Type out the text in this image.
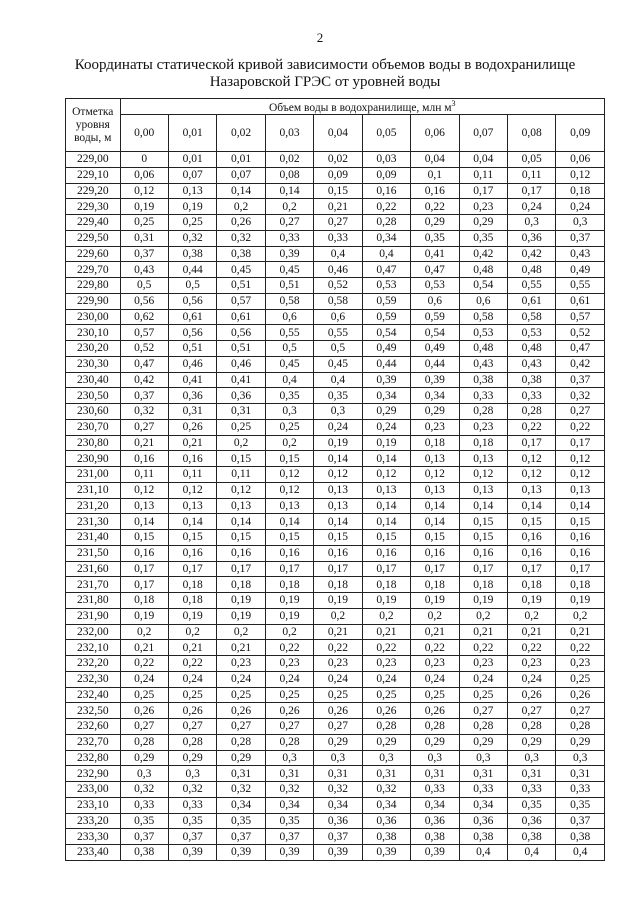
2
Координаты статической кривой зависимости объемов воды в водохранилище
Назаровской ГРЭС от уровней воды
Отметка
уровня
воды, м	Объем воды в водохранилище, млн $м^3$
	0,00	0,01	0,02	0,03	0,04	0,05	0,06	0,07	0,08	0,09
229,00	0	0,01	0,01	0,02	0,02	0,03	0,04	0,04	0,05	0,06
229,10	0,06	0,07	0,07	0,08	0,09	0,09	0,1	0,11	0,11	0,12
229,20	0,12	0,13	0,14	0,14	0,15	0,16	0,16	0,17	0,17	0,18
229,30	0,19	0,19	0,2	0,2	0,21	0,22	0,22	0,23	0,24	0,24
229,40	0,25	0,25	0,26	0,27	0,27	0,28	0,29	0,29	0,3	0,3
229,50	0,31	0,32	0,32	0,33	0,33	0,34	0,35	0,35	0,36	0,37
229,60	0,37	0,38	0,38	0,39	0,4	0,4	0,41	0,42	0,42	0,43
229,70	0,43	0,44	0,45	0,45	0,46	0,47	0,47	0,48	0,48	0,49
229,80	0,5	0,5	0,51	0,51	0,52	0,53	0,53	0,54	0,55	0,55
229,90	0,56	0,56	0,57	0,58	0,58	0,59	0,6	0,6	0,61	0,61
230,00	0,62	0,61	0,61	0,6	0,6	0,59	0,59	0,58	0,58	0,57
230,10	0,57	0,56	0,56	0,55	0,55	0,54	0,54	0,53	0,53	0,52
230,20	0,52	0,51	0,51	0,5	0,5	0,49	0,49	0,48	0,48	0,47
230,30	0,47	0,46	0,46	0,45	0,45	0,44	0,44	0,43	0,43	0,42
230,40	0,42	0,41	0,41	0,4	0,4	0,39	0,39	0,38	0,38	0,37
230,50	0,37	0,36	0,36	0,35	0,35	0,34	0,34	0,33	0,33	0,32
230,60	0,32	0,31	0,31	0,3	0,3	0,29	0,29	0,28	0,28	0,27
230,70	0,27	0,26	0,25	0,25	0,24	0,24	0,23	0,23	0,22	0,22
230,80	0,21	0,21	0,2	0,2	0,19	0,19	0,18	0,18	0,17	0,17
230,90	0,16	0,16	0,15	0,15	0,14	0,14	0,13	0,13	0,12	0,12
231,00	0,11	0,11	0,11	0,12	0,12	0,12	0,12	0,12	0,12	0,12
231,10	0,12	0,12	0,12	0,12	0,13	0,13	0,13	0,13	0,13	0,13
231,20	0,13	0,13	0,13	0,13	0,13	0,14	0,14	0,14	0,14	0,14
231,30	0,14	0,14	0,14	0,14	0,14	0,14	0,14	0,15	0,15	0,15
231,40	0,15	0,15	0,15	0,15	0,15	0,15	0,15	0,15	0,16	0,16
231,50	0,16	0,16	0,16	0,16	0,16	0,16	0,16	0,16	0,16	0,16
231,60	0,17	0,17	0,17	0,17	0,17	0,17	0,17	0,17	0,17	0,17
231,70	0,17	0,18	0,18	0,18	0,18	0,18	0,18	0,18	0,18	0,18
231,80	0,18	0,18	0,19	0,19	0,19	0,19	0,19	0,19	0,19	0,19
231,90	0,19	0,19	0,19	0,19	0,2	0,2	0,2	0,2	0,2	0,2
232,00	0,2	0,2	0,2	0,2	0,21	0,21	0,21	0,21	0,21	0,21
232,10	0,21	0,21	0,21	0,22	0,22	0,22	0,22	0,22	0,22	0,22
232,20	0,22	0,22	0,23	0,23	0,23	0,23	0,23	0,23	0,23	0,23
232,30	0,24	0,24	0,24	0,24	0,24	0,24	0,24	0,24	0,24	0,25
232,40	0,25	0,25	0,25	0,25	0,25	0,25	0,25	0,25	0,26	0,26
232,50	0,26	0,26	0,26	0,26	0,26	0,26	0,26	0,27	0,27	0,27
232,60	0,27	0,27	0,27	0,27	0,27	0,28	0,28	0,28	0,28	0,28
232,70	0,28	0,28	0,28	0,28	0,29	0,29	0,29	0,29	0,29	0,29
232,80	0,29	0,29	0,29	0,3	0,3	0,3	0,3	0,3	0,3	0,3
232,90	0,3	0,3	0,31	0,31	0,31	0,31	0,31	0,31	0,31	0,31
233,00	0,32	0,32	0,32	0,32	0,32	0,32	0,33	0,33	0,33	0,33
233,10	0,33	0,33	0,34	0,34	0,34	0,34	0,34	0,34	0,35	0,35
233,20	0,35	0,35	0,35	0,35	0,36	0,36	0,36	0,36	0,36	0,37
233,30	0,37	0,37	0,37	0,37	0,37	0,38	0,38	0,38	0,38	0,38
233,40	0,38	0,39	0,39	0,39	0,39	0,39	0,39	0,4	0,4	0,4
